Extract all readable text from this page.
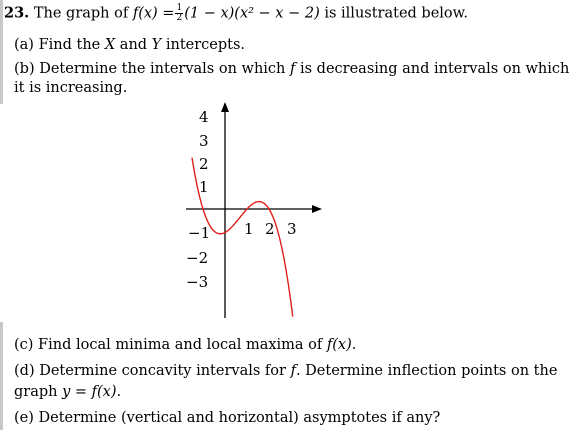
23. The graph of $f(x) = \frac{1}{2} (1 - x)(x^2 - x - 2)$ is illustrated below.
(a) Find the X and Y intercepts.
(b) Determine the intervals on which f is decreasing and intervals on which
it is increasing.
4
3
2
1
−1
−2
−3
1 2 3
(c) Find local minima and local maxima of f(x).
(d) Determine concavity intervals for f. Determine inflection points on the
graph y = f(x).
(e) Determine (vertical and horizontal) asymptotes if any?
